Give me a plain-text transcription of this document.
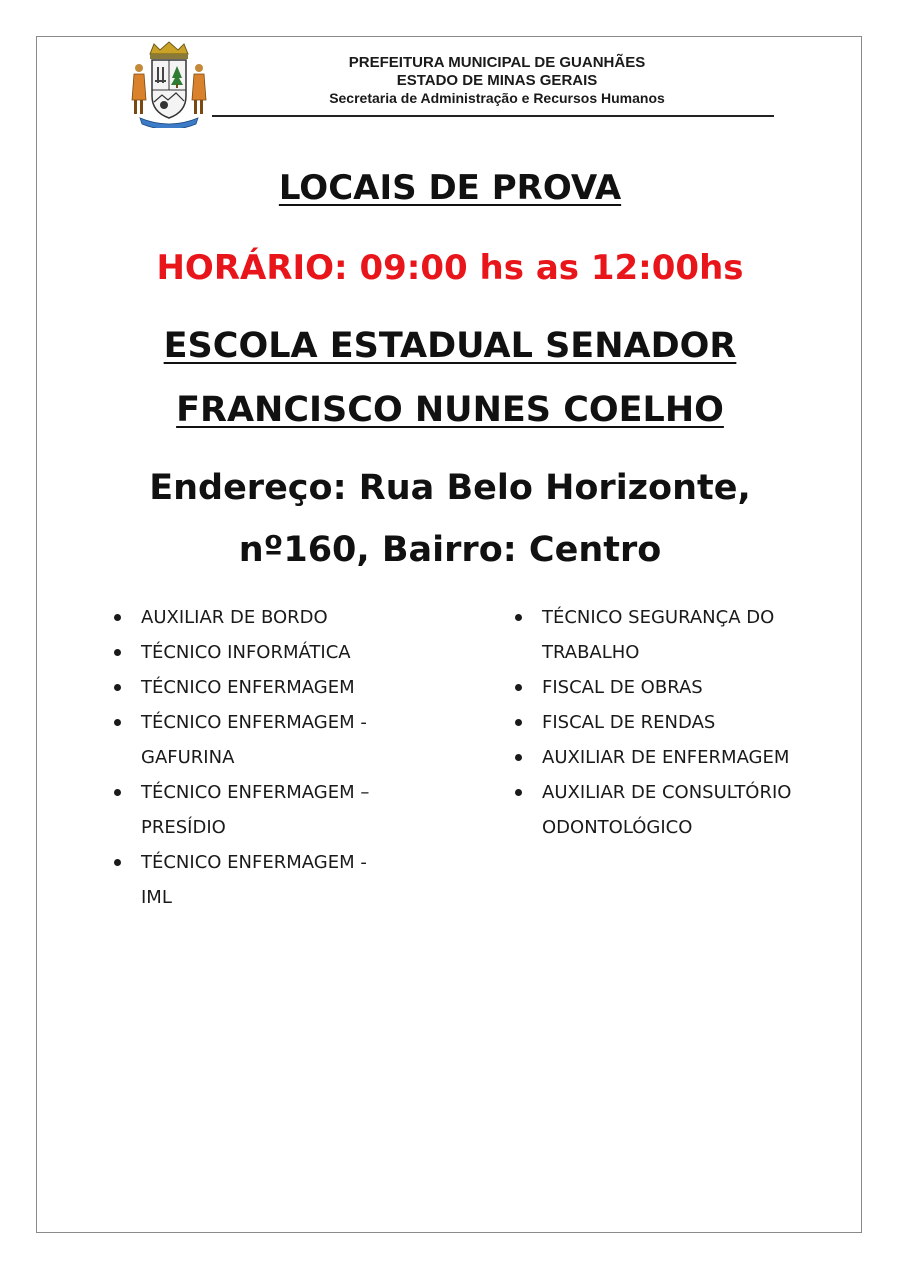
PREFEITURA MUNICIPAL DE GUANHÃES
ESTADO DE MINAS GERAIS
Secretaria de Administração e Recursos Humanos
LOCAIS DE PROVA
HORÁRIO: 09:00 hs as 12:00hs
ESCOLA ESTADUAL SENADOR
FRANCISCO NUNES COELHO
Endereço: Rua Belo Horizonte,
nº160, Bairro: Centro
AUXILIAR DE BORDO
TÉCNICO INFORMÁTICA
TÉCNICO ENFERMAGEM
TÉCNICO ENFERMAGEM -
GAFURINA
TÉCNICO ENFERMAGEM –
PRESÍDIO
TÉCNICO ENFERMAGEM -
IML
TÉCNICO SEGURANÇA DO
TRABALHO
FISCAL DE OBRAS
FISCAL DE RENDAS
AUXILIAR DE ENFERMAGEM
AUXILIAR DE CONSULTÓRIO
ODONTOLÓGICO
